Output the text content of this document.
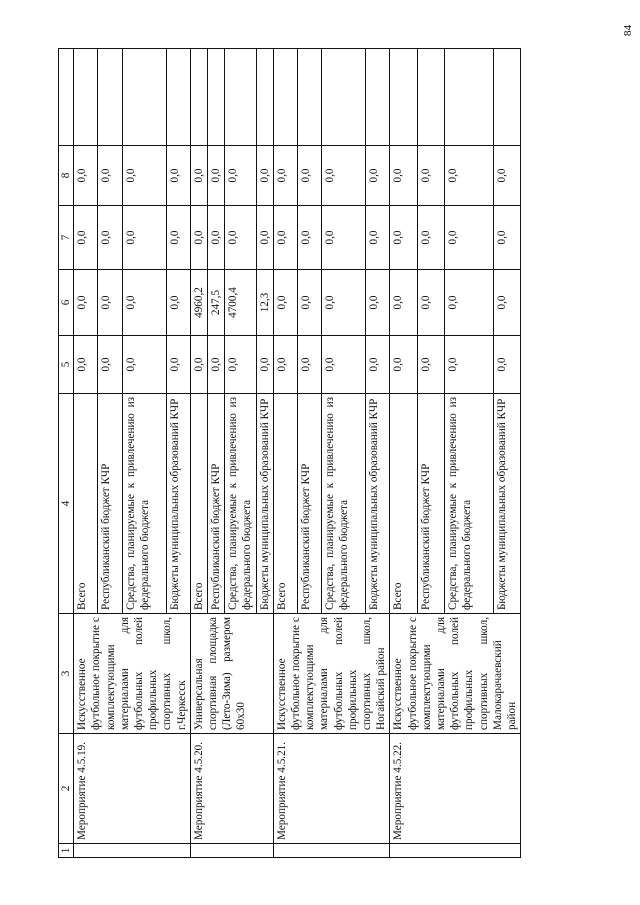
84
1	2	3	4	5	6	7	8	
	Мероприятие 4.5.19.	Искусственное футбольное покрытие с комплектующими материалами для футбольных полей профильных спортивных школ, г.Черкесск	Всего	0,0	0,0	0,0	0,0	
			Республиканский бюджет КЧР	0,0	0,0	0,0	0,0	
			Средства, планируемые к привлечению из федерального бюджета	0,0	0,0	0,0	0,0	
			Бюджеты муниципальных образований КЧР	0,0	0,0	0,0	0,0	
	Мероприятие 4.5.20.	Универсальная спортивная площадка (Лето-Зима) размером 60х30	Всего	0,0	4960,2	0,0	0,0	
			Республиканский бюджет КЧР	0,0	247,5	0,0	0,0	
			Средства, планируемые к привлечению из федерального бюджета	0,0	4700,4	0,0	0,0	
			Бюджеты муниципальных образований КЧР	0,0	12,3	0,0	0,0	
	Мероприятие 4.5.21.	Искусственное футбольное покрытие с комплектующими материалами для футбольных полей профильных спортивных школ, Ногайский район	Всего	0,0	0,0	0,0	0,0	
			Республиканский бюджет КЧР	0,0	0,0	0,0	0,0	
			Средства, планируемые к привлечению из федерального бюджета	0,0	0,0	0,0	0,0	
			Бюджеты муниципальных образований КЧР	0,0	0,0	0,0	0,0	
	Мероприятие 4.5.22.	Искусственное футбольное покрытие с комплектующими материалами для футбольных полей профильных спортивных школ, Малокарачаевский район	Всего	0,0	0,0	0,0	0,0	
			Республиканский бюджет КЧР	0,0	0,0	0,0	0,0	
			Средства, планируемые к привлечению из федерального бюджета	0,0	0,0	0,0	0,0	
			Бюджеты муниципальных образований КЧР	0,0	0,0	0,0	0,0	
